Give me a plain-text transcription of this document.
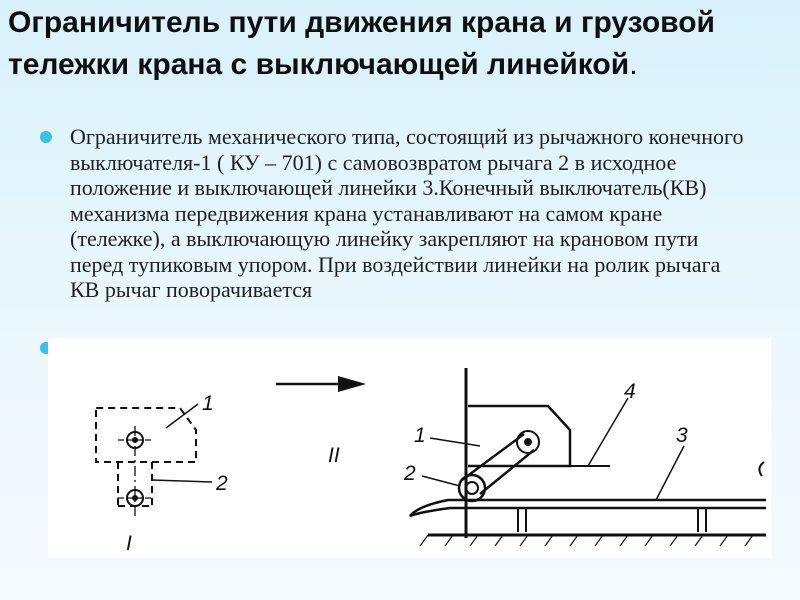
Ограничитель пути движения крана и грузовой тележки крана с выключающей линейкой.

Ограничитель механического типа, состоящий из рычажного конечного выключателя-1 ( КУ – 701) с самовозвратом рычага 2 в исходное положение и выключающей линейки 3.Конечный выключатель(КВ) механизма передвижения крана устанавливают на самом кране (тележке), а выключающую линейку закрепляют на крановом пути перед тупиковым упором. При воздействии линейки на ролик рычага КВ рычаг поворачивается

1
2
I
II
1
2
3
4
